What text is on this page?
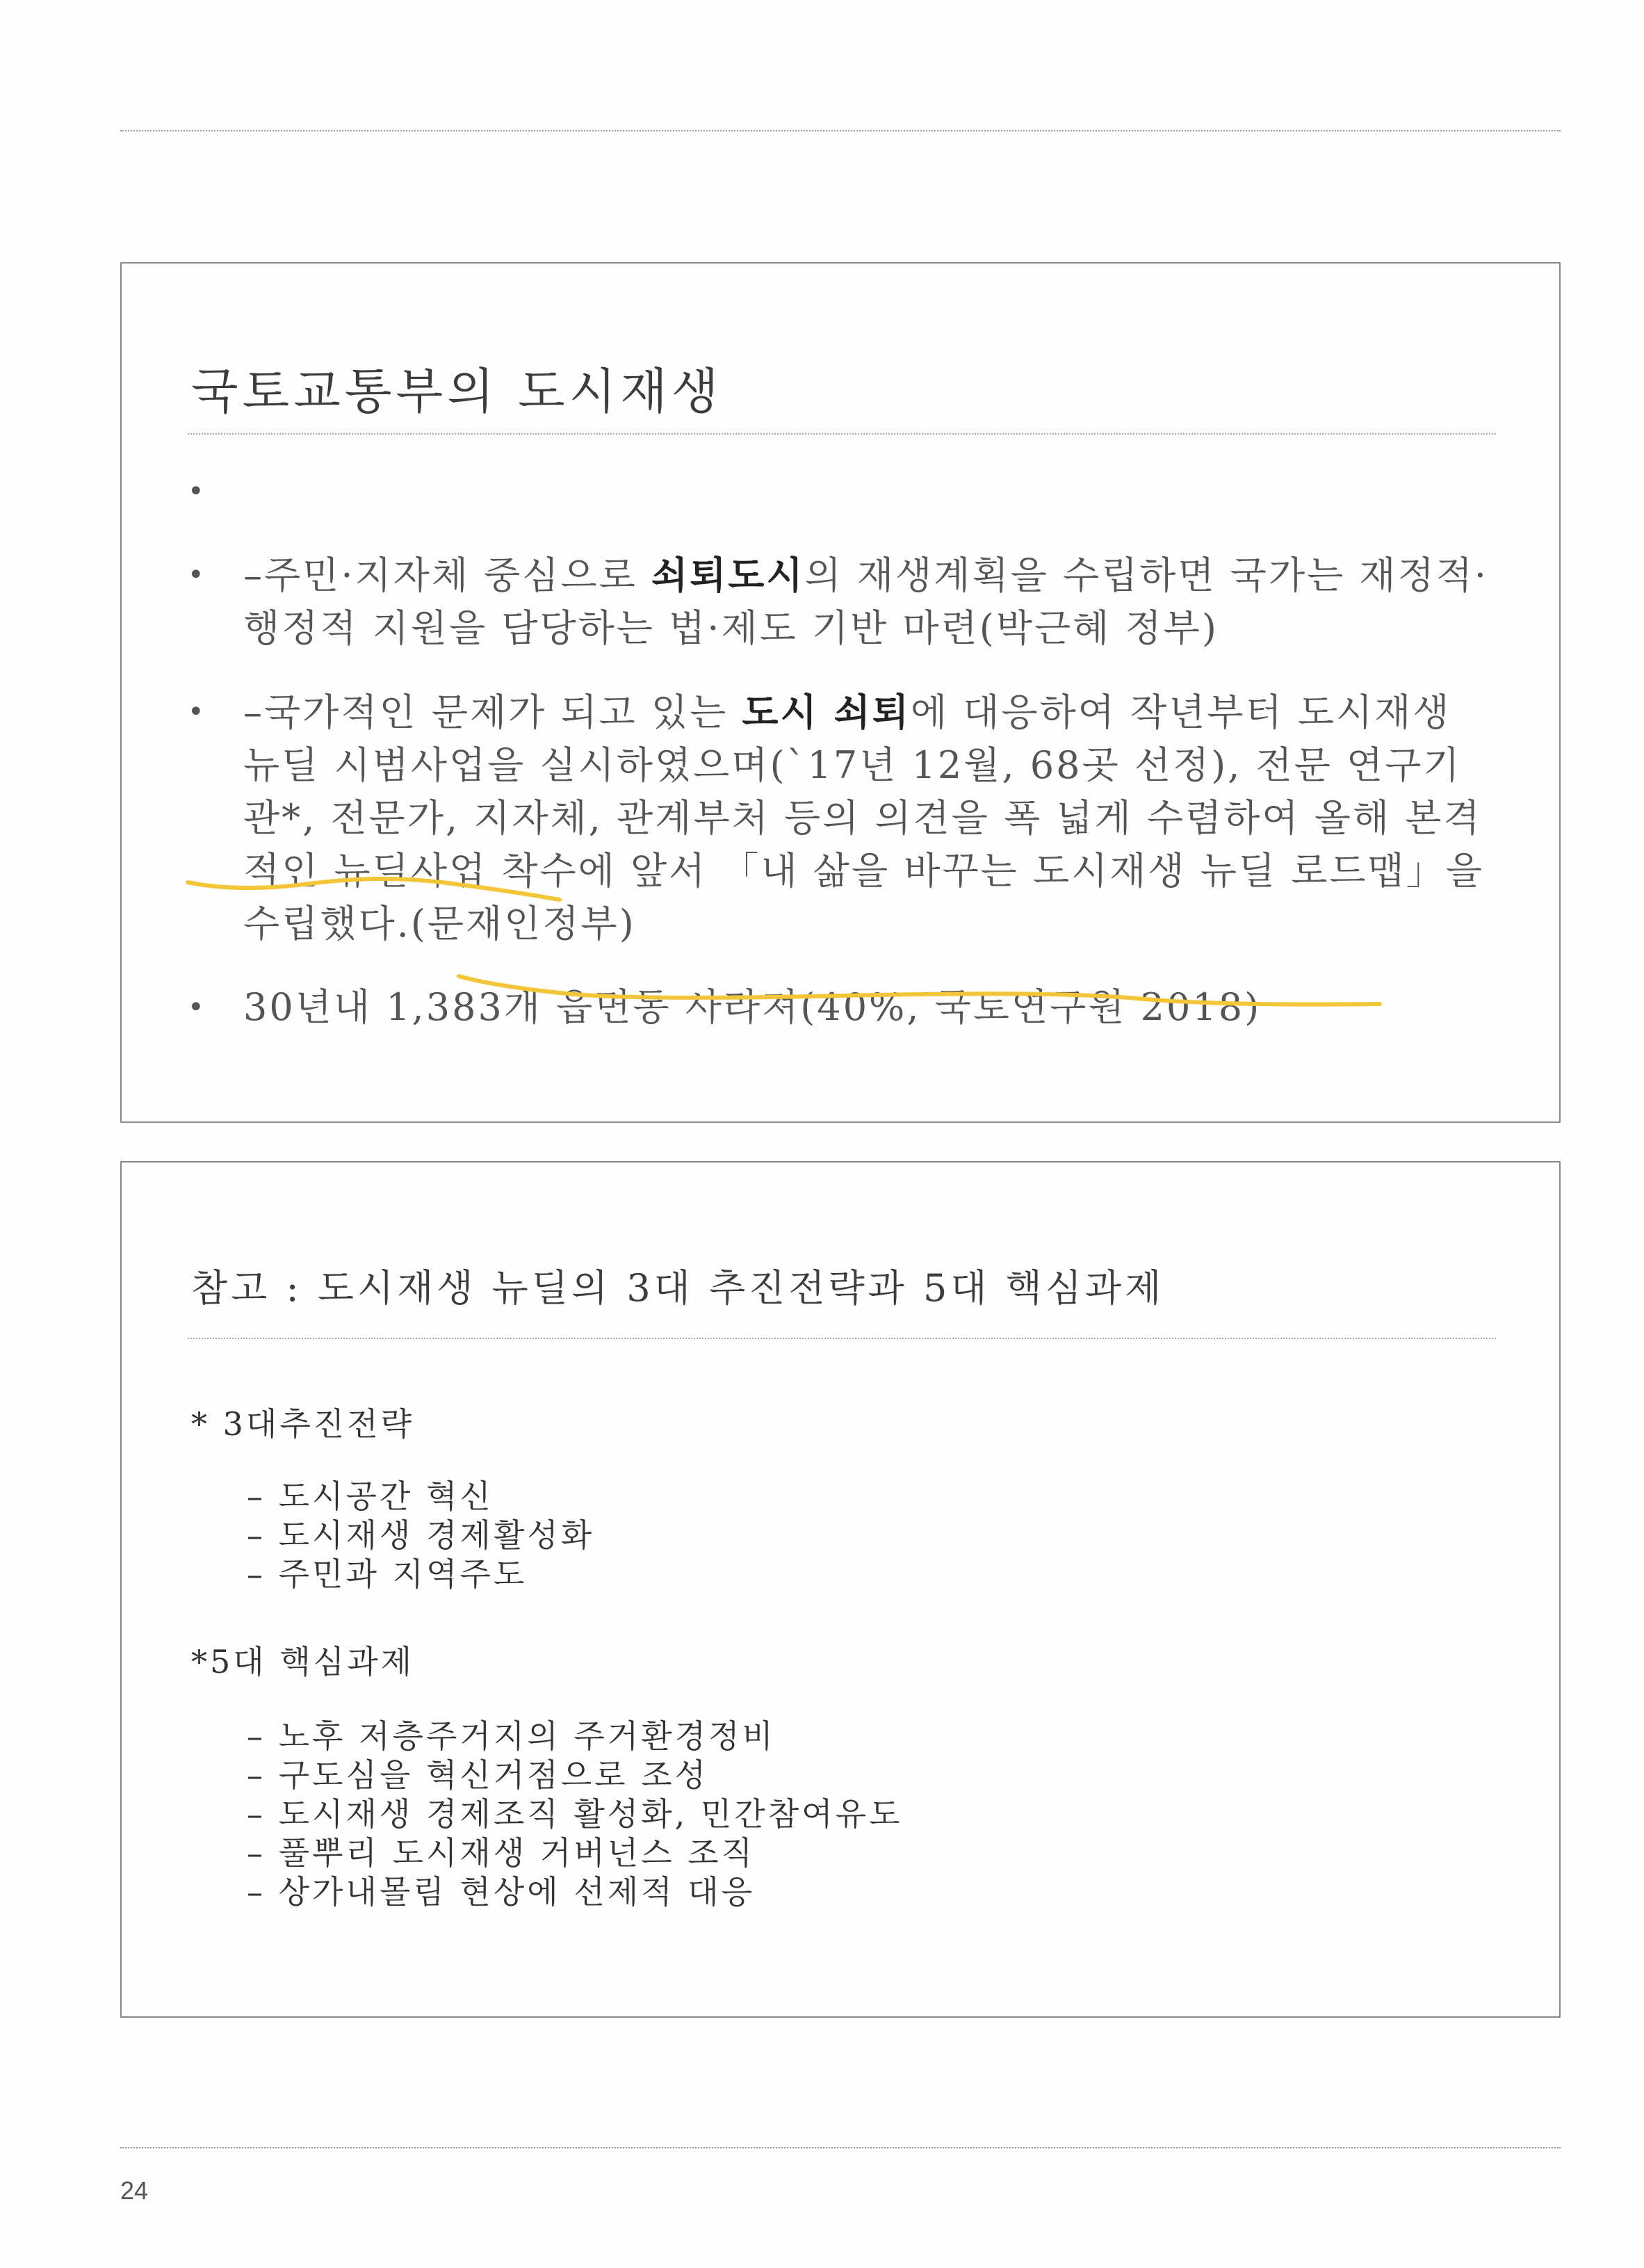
국토교통부의 도시재생
•
• –주민·지자체 중심으로 쇠퇴도시의 재생계획을 수립하면 국가는 재정적·행정적 지원을 담당하는 법·제도 기반 마련(박근혜 정부)
• –국가적인 문제가 되고 있는 도시 쇠퇴에 대응하여 작년부터 도시재생 뉴딜 시범사업을 실시하였으며(`17년 12월, 68곳 선정), 전문 연구기관*, 전문가, 지자체, 관계부처 등의 의견을 폭 넓게 수렴하여 올해 본격적인 뉴딜사업 착수에 앞서 「내 삶을 바꾸는 도시재생 뉴딜 로드맵」을 수립했다.(문재인정부)
• 30년내 1,383개 읍면동 사라져(40%, 국토연구원 2018)
참고 : 도시재생 뉴딜의 3대 추진전략과 5대 핵심과제
* 3대추진전략
– 도시공간 혁신
– 도시재생 경제활성화
– 주민과 지역주도
*5대 핵심과제
– 노후 저층주거지의 주거환경정비
– 구도심을 혁신거점으로 조성
– 도시재생 경제조직 활성화, 민간참여유도
– 풀뿌리 도시재생 거버넌스 조직
– 상가내몰림 현상에 선제적 대응
24
